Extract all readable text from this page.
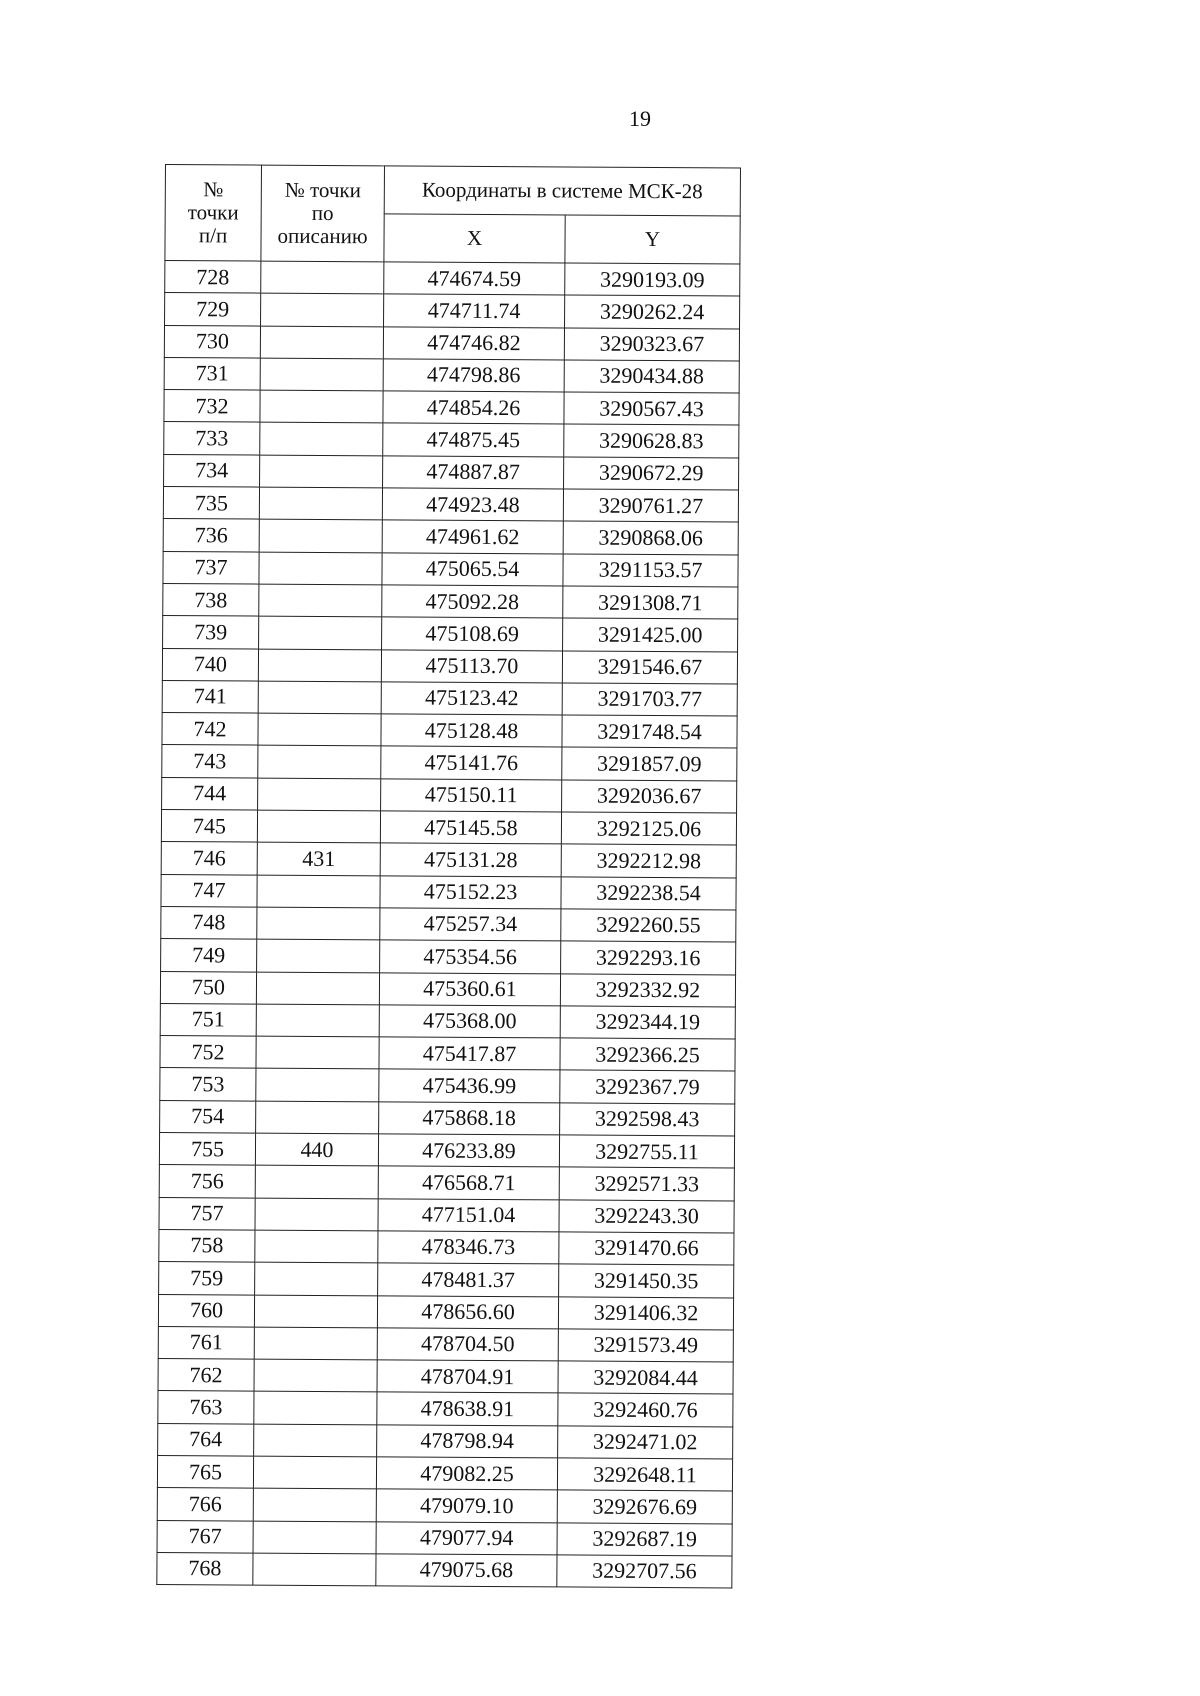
19
№
точки
п/п	№ точки
по
описанию	Координаты в системе МСК-28	
		X	Y
728		474674.59	3290193.09
729		474711.74	3290262.24
730		474746.82	3290323.67
731		474798.86	3290434.88
732		474854.26	3290567.43
733		474875.45	3290628.83
734		474887.87	3290672.29
735		474923.48	3290761.27
736		474961.62	3290868.06
737		475065.54	3291153.57
738		475092.28	3291308.71
739		475108.69	3291425.00
740		475113.70	3291546.67
741		475123.42	3291703.77
742		475128.48	3291748.54
743		475141.76	3291857.09
744		475150.11	3292036.67
745		475145.58	3292125.06
746	431	475131.28	3292212.98
747		475152.23	3292238.54
748		475257.34	3292260.55
749		475354.56	3292293.16
750		475360.61	3292332.92
751		475368.00	3292344.19
752		475417.87	3292366.25
753		475436.99	3292367.79
754		475868.18	3292598.43
755	440	476233.89	3292755.11
756		476568.71	3292571.33
757		477151.04	3292243.30
758		478346.73	3291470.66
759		478481.37	3291450.35
760		478656.60	3291406.32
761		478704.50	3291573.49
762		478704.91	3292084.44
763		478638.91	3292460.76
764		478798.94	3292471.02
765		479082.25	3292648.11
766		479079.10	3292676.69
767		479077.94	3292687.19
768		479075.68	3292707.56
